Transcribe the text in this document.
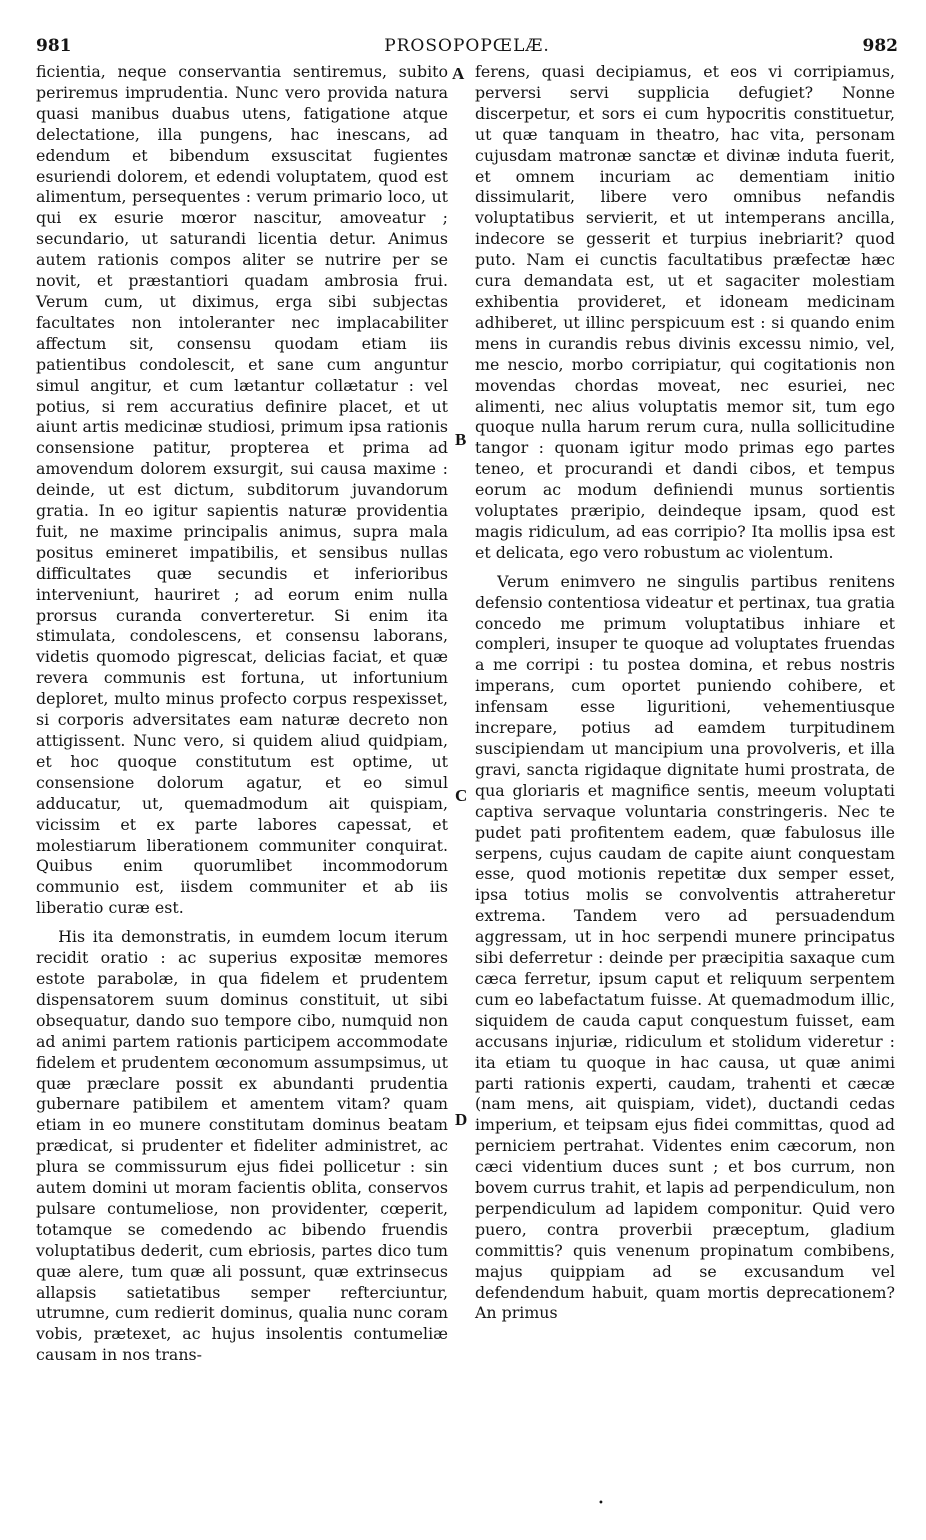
981	PROSOPOPŒLÆ.	982

ficientia, neque conservantia sentiremus, subito periremus imprudentia. Nunc vero provida natura quasi manibus duabus utens, fatigatione atque delectatione, illa pungens, hac inescans, ad edendum et bibendum exsuscitat fugientes esuriendi dolorem, et edendi voluptatem, quod est alimentum, persequentes : verum primario loco, ut qui ex esurie mœror nascitur, amoveatur ; secundario, ut saturandi licentia detur. Animus autem rationis compos aliter se nutrire per se novit, et præstantiori quadam ambrosia frui. Verum cum, ut diximus, erga sibi subjectas facultates non intoleranter nec implacabiliter affectum sit, consensu quodam etiam iis patientibus condolescit, et sane cum anguntur simul angitur, et cum lætantur collætatur : vel potius, si rem accuratius definire placet, et ut aiunt artis medicinæ studiosi, primum ipsa rationis consensione patitur, propterea et prima ad amovendum dolorem exsurgit, sui causa maxime : deinde, ut est dictum, subditorum juvandorum gratia. In eo igitur sapientis naturæ providentia fuit, ne maxime principalis animus, supra mala positus emineret impatibilis, et sensibus nullas difficultates quæ secundis et inferioribus interveniunt, hauriret ; ad eorum enim nulla prorsus curanda converteretur. Si enim ita stimulata, condolescens, et consensu laborans, videtis quomodo pigrescat, delicias faciat, et quæ revera communis est fortuna, ut infortunium deploret, multo minus profecto corpus respexisset, si corporis adversitates eam naturæ decreto non attigissent. Nunc vero, si quidem aliud quidpiam, et hoc quoque constitutum est optime, ut consensione dolorum agatur, et eo simul adducatur, ut, quemadmodum ait quispiam, vicissim et ex parte labores capessat, et molestiarum liberationem communiter conquirat. Quibus enim quorumlibet incommodorum communio est, iisdem communiter et ab iis liberatio curæ est.

His ita demonstratis, in eumdem locum iterum recidit oratio : ac superius expositæ memores estote parabolæ, in qua fidelem et prudentem dispensatorem suum dominus constituit, ut sibi obsequatur, dando suo tempore cibo, numquid non ad animi partem rationis participem accommodate fidelem et prudentem œconomum assumpsimus, ut quæ præclare possit ex abundanti prudentia gubernare patibilem et amentem vitam? quam etiam in eo munere constitutam dominus beatam prædicat, si prudenter et fideliter administret, ac plura se commissurum ejus fidei pollicetur : sin autem domini ut moram facientis oblita, conservos pulsare contumeliose, non providenter, cœperit, totamque se comedendo ac bibendo fruendis voluptatibus dederit, cum ebriosis, partes dico tum quæ alere, tum quæ ali possunt, quæ extrinsecus allapsis satietatibus semper refterciuntur, utrumne, cum redierit dominus, qualia nunc coram vobis, prætexet, ac hujus insolentis contumeliæ causam in nos trans-

ferens, quasi decipiamus, et eos vi corripiamus, perversi servi supplicia defugiet? Nonne discerpetur, et sors ei cum hypocritis constituetur, ut quæ tanquam in theatro, hac vita, personam cujusdam matronæ sanctæ et divinæ induta fuerit, et omnem incuriam ac dementiam initio dissimularit, libere vero omnibus nefandis voluptatibus servierit, et ut intemperans ancilla, indecore se gesserit et turpius inebriarit? quod puto. Nam ei cunctis facultatibus præfectæ hæc cura demandata est, ut et sagaciter molestiam exhibentia provideret, et idoneam medicinam adhiberet, ut illinc perspicuum est : si quando enim mens in curandis rebus divinis excessu nimio, vel, me nescio, morbo corripiatur, qui cogitationis non movendas chordas moveat, nec esuriei, nec alimenti, nec alius voluptatis memor sit, tum ego quoque nulla harum rerum cura, nulla sollicitudine tangor : quonam igitur modo primas ego partes teneo, et procurandi et dandi cibos, et tempus eorum ac modum definiendi munus sortientis voluptates præripio, deindeque ipsam, quod est magis ridiculum, ad eas corripio? Ita mollis ipsa est et delicata, ego vero robustum ac violentum.

Verum enimvero ne singulis partibus renitens defensio contentiosa videatur et pertinax, tua gratia concedo me primum voluptatibus inhiare et compleri, insuper te quoque ad voluptates fruendas a me corripi : tu postea domina, et rebus nostris imperans, cum oportet puniendo cohibere, et infensam esse liguritioni, vehementiusque increpare, potius ad eamdem turpitudinem suscipiendam ut mancipium una provolveris, et illa gravi, sancta rigidaque dignitate humi prostrata, de qua gloriaris et magnifice sentis, meeum voluptati captiva servaque voluntaria constringeris. Nec te pudet pati profitentem eadem, quæ fabulosus ille serpens, cujus caudam de capite aiunt conquestam esse, quod motionis repetitæ dux semper esset, ipsa totius molis se convolventis attraheretur extrema. Tandem vero ad persuadendum aggressam, ut in hoc serpendi munere principatus sibi deferretur : deinde per præcipitia saxaque cum cæca ferretur, ipsum caput et reliquum serpentem cum eo labefactatum fuisse. At quemadmodum illic, siquidem de cauda caput conquestum fuisset, eam accusans injuriæ, ridiculum et stolidum videretur : ita etiam tu quoque in hac causa, ut quæ animi parti rationis experti, caudam, trahenti et cæcæ (nam mens, ait quispiam, videt), ductandi cedas imperium, et teipsam ejus fidei committas, quod ad perniciem pertrahat. Videntes enim cæcorum, non cæci videntium duces sunt ; et bos currum, non bovem currus trahit, et lapis ad perpendiculum, non perpendiculum ad lapidem componitur. Quid vero puero, contra proverbii præceptum, gladium committis? quis venenum propinatum combibens, majus quippiam ad se excusandum vel defendendum habuit, quam mortis deprecationem? An primus

A
B
C
D
•
